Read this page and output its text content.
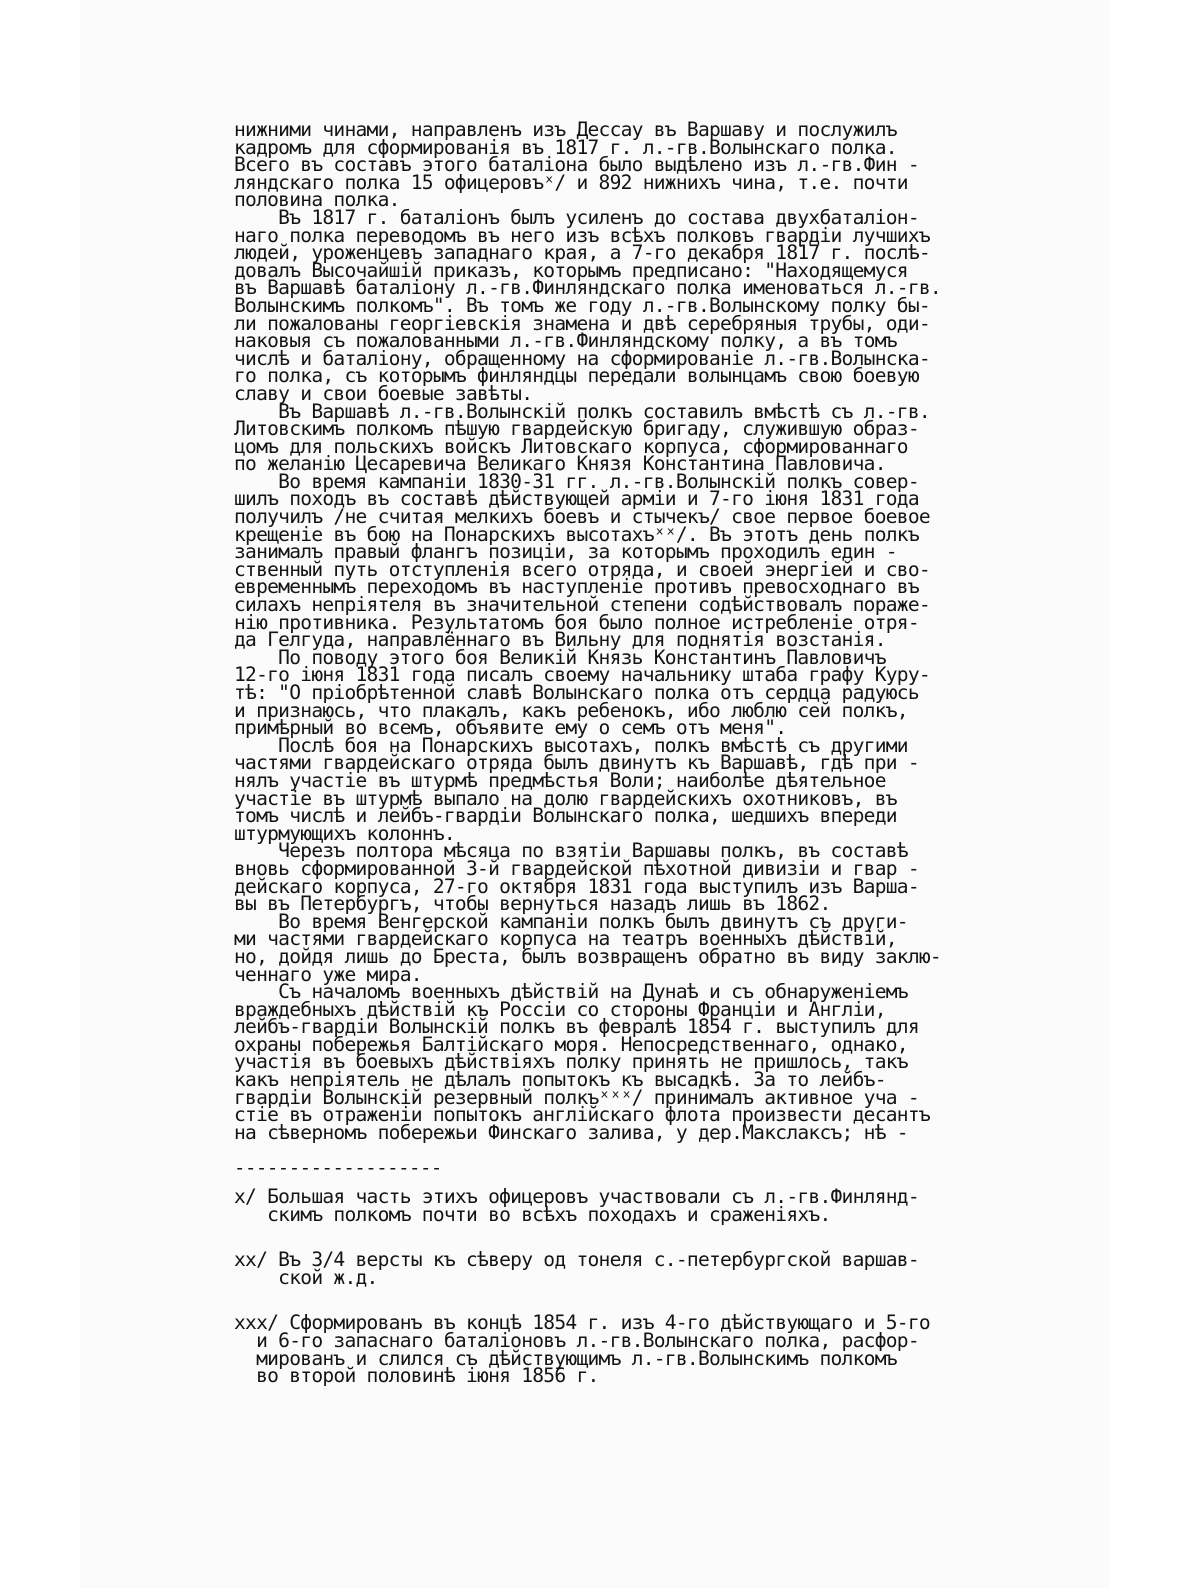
нижними чинами, направленъ изъ Дессау въ Варшаву и послужилъ
кадромъ для сформированія въ 1817 г. л.-гв.Волынскаго полка.
Всего въ составъ этого баталіона было выдѣлено изъ л.-гв.Фин -
ляндскаго полка 15 офицеровъˣ/ и 892 нижнихъ чина, т.е. почти
половина полка.
Въ 1817 г. баталіонъ былъ усиленъ до состава двухбаталіон-
наго полка переводомъ въ него изъ всѣхъ полковъ гвардіи лучшихъ
людей, уроженцевъ западнаго края, а 7-го декабря 1817 г. послѣ-
довалъ Высочайшій приказъ, которымъ предписано: "Находящемуся
въ Варшавѣ баталіону л.-гв.Финляндскаго полка именоваться л.-гв.
Волынскимъ полкомъ". Въ томъ же году л.-гв.Волынскому полку бы-
ли пожалованы георгіевскія знамена и двѣ серебряныя трубы, оди-
наковыя съ пожалованными л.-гв.Финляндскому полку, а въ томъ
числѣ и баталіону, обращенному на сформированіе л.-гв.Волынска-
го полка, съ которымъ финляндцы передали волынцамъ свою боевую
славу и свои боевые завѣты.
Въ Варшавѣ л.-гв.Волынскій полкъ составилъ вмѣстѣ съ л.-гв.
Литовскимъ полкомъ пѣшую гвардейскую бригаду, служившую образ-
цомъ для польскихъ войскъ Литовскаго корпуса, сформированнаго
по желанію Цесаревича Великаго Князя Константина Павловича.
Во время кампаніи 1830-31 гг. л.-гв.Волынскій полкъ совер-
шилъ походъ въ составѣ дѣйствующей арміи и 7-го іюня 1831 года
получилъ /не считая мелкихъ боевъ и стычекъ/ свое первое боевое
крещеніе въ бою на Понарскихъ высотахъˣˣ/. Въ этотъ день полкъ
занималъ правый флангъ позиціи, за которымъ проходилъ един -
ственный путь отступленія всего отряда, и своей энергіей и сво-
евременнымъ переходомъ въ наступленіе противъ превосходнаго въ
силахъ непріятеля въ значительной степени содѣйствовалъ пораже-
нію противника. Результатомъ боя было полное истребленіе отря-
да Гелгуда, направлённаго въ Вильну для поднятія возстанія.
По поводу этого боя Великій Князь Константинъ Павловичъ
12-го іюня 1831 года писалъ своему начальнику штаба графу Куру-
тѣ: "О пріобрѣтенной славѣ Волынскаго полка отъ сердца радуюсь
и признаюсь, что плакалъ, какъ ребенокъ, ибо люблю сей полкъ,
примѣрный во всемъ, объявите ему о семъ отъ меня".
Послѣ боя на Понарскихъ высотахъ, полкъ вмѣстѣ съ другими
частями гвардейскаго отряда былъ двинутъ къ Варшавѣ, гдѣ при -
нялъ участіе въ штурмѣ предмѣстья Воли; наиболѣе дѣятельное
участіе въ штурмѣ выпало на долю гвардейскихъ охотниковъ, въ
томъ числѣ и лейбъ-гвардіи Волынскаго полка, шедшихъ впереди
штурмующихъ колоннъ.
Черезъ полтора мѣсяца по взятіи Варшавы полкъ, въ составѣ
вновь сформированной 3-й гвардейской пѣхотной дивизіи и гвар -
дейскаго корпуса, 27-го октября 1831 года выступилъ изъ Варша-
вы въ Петербургъ, чтобы вернуться назадъ лишь въ 1862.
Во время Венгерской кампаніи полкъ былъ двинутъ съ други-
ми частями гвардейскаго корпуса на театръ военныхъ дѣйствій,
но, дойдя лишь до Бреста, былъ возвращенъ обратно въ виду заклю-
ченнаго уже мира.
Съ началомъ военныхъ дѣйствій на Дунаѣ и съ обнаруженіемъ
враждебныхъ дѣйствій къ Россіи со стороны Франціи и Англіи,
лейбъ-гвардіи Волынскій полкъ въ февралѣ 1854 г. выступилъ для
охраны побережья Балтійскаго моря. Непосредственнаго, однако,
участія въ боевыхъ дѣйствіяхъ полку принять не пришлось, такъ
какъ непріятель не дѣлалъ попытокъ къ высадкѣ. За то лейбъ-
гвардіи Волынскій резервный полкъˣˣˣ/ принималъ активное уча -
стіе въ отраженіи попытокъ англійскаго флота произвести десантъ
на сѣверномъ побережьи Финскаго залива, у дер.Макслаксъ; нѣ -
-------------------
x/ Большая часть этихъ офицеровъ участвовали съ л.-гв.Финлянд-
скимъ полкомъ почти во всѣхъ походахъ и сраженіяхъ.
xx/ Въ 3/4 версты къ сѣверу од тонеля с.-петербургской варшав-
ской ж.д.
xxx/ Сформированъ въ концѣ 1854 г. изъ 4-го дѣйствующаго и 5-го
и 6-го запаснаго баталіоновъ л.-гв.Волынскаго полка, расфор-
мированъ и слился съ дѣйствующимъ л.-гв.Волынскимъ полкомъ
во второй половинѣ іюня 1856 г.
